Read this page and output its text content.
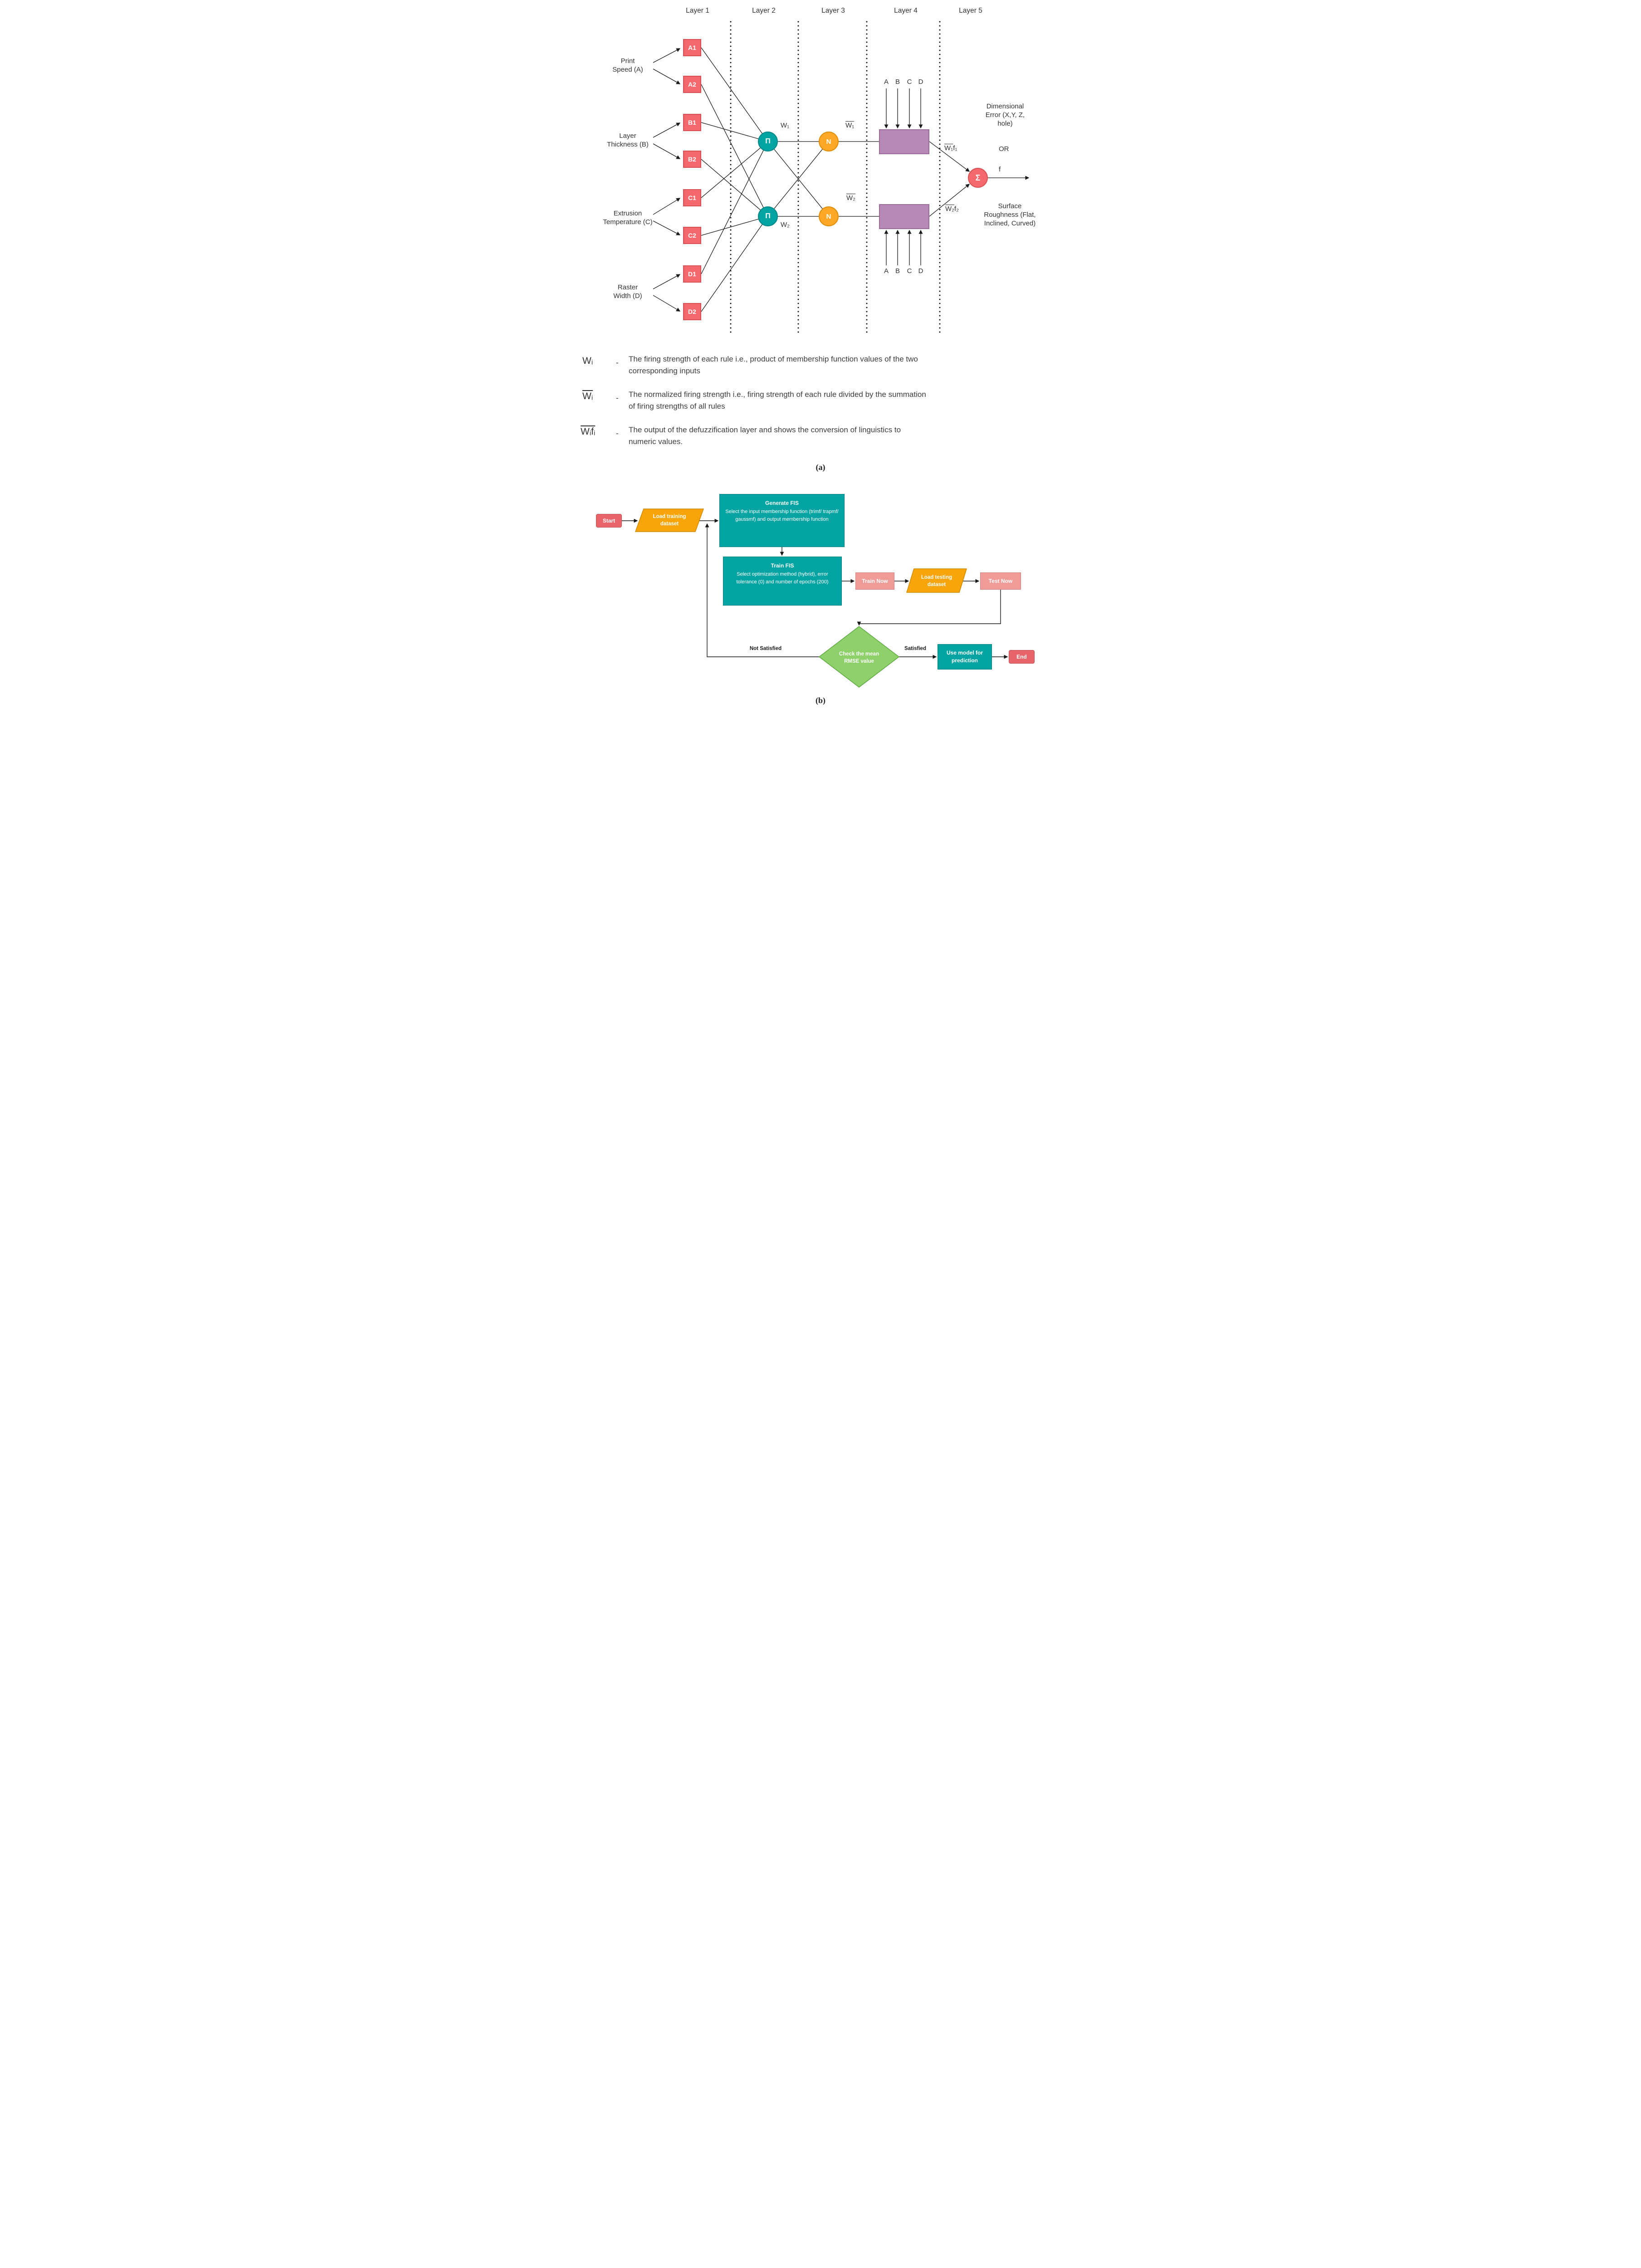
Layer 1	Layer 2	Layer 3	Layer 4	Layer 5
Print
Speed (A)
Layer
Thickness (B)
Extrusion
Temperature (C)
Raster
Width (D)
A1
A2
B1
B2
C1
C2
D1
D2
Π
Π
N
N
Σ
A B C D
A B C D
W₁
W₂
W₁
W₂
W₁f₁
W₂f₂
f
Dimensional
Error (X,Y, Z,
hole)
OR
Surface
Roughness (Flat,
Inclined, Curved)
Wᵢ	- The firing strength of each rule i.e., product of membership function values of the two
corresponding inputs
$\overline{Wᵢ}$	- The normalized firing strength i.e., firing strength of each rule divided by the summation
of firing strengths of all rules
Wᵢfᵢ	- The output of the defuzzification layer and shows the conversion of linguistics to
numeric values.
(a)
Start
Load training
dataset
Generate FIS
Select the input membership function (trimf/ trapmf/ gaussmf) and output membership function
Train FIS
Select optimization method (hybrid), error tolerance (0) and number of epochs (200)	Train Now
Load testing
dataset
Test Now
Check the mean
RMSE value
Not Satisfied	Satisfied
Use model for
prediction
End
(b)
